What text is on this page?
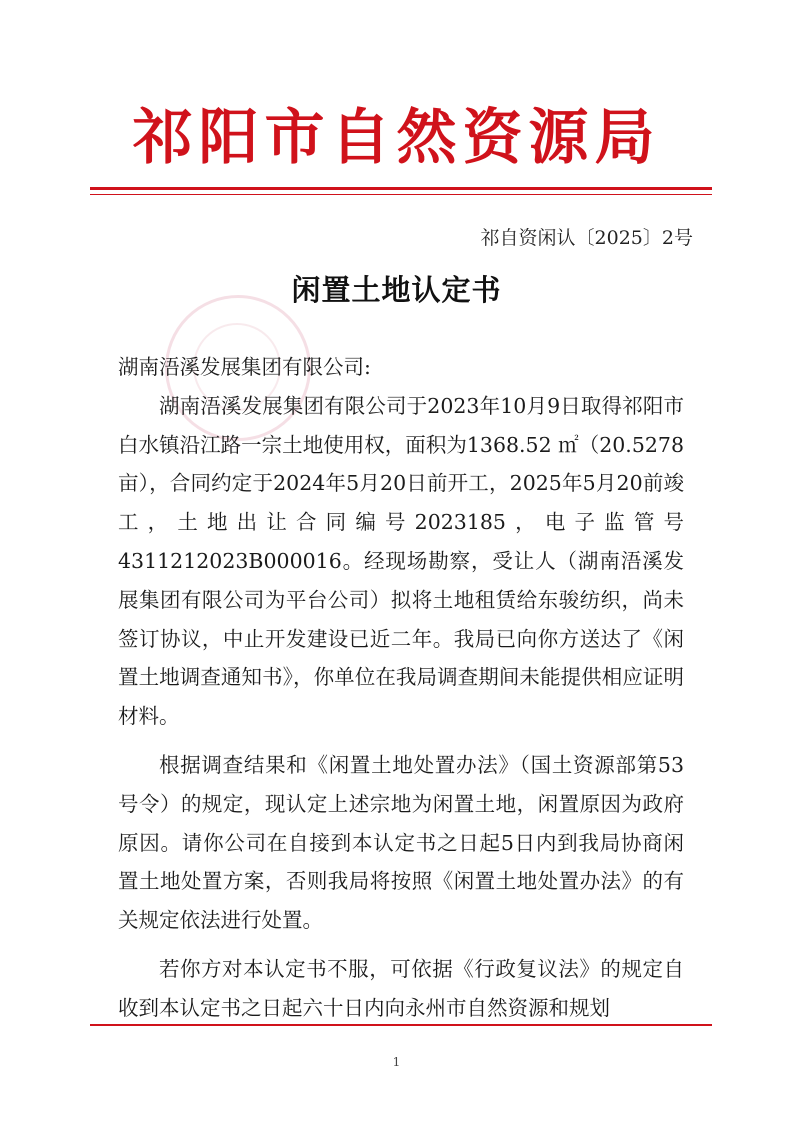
祁阳市自然资源局
祁自资闲认〔2025〕2号
闲置土地认定书

湖南浯溪发展集团有限公司:

湖南浯溪发展集团有限公司于2023年10月9日取得祁阳市白水镇沿江路一宗土地使用权，面积为1368.52 ㎡（20.5278亩），合同约定于2024年5月20日前开工，2025年5月20前竣工，土地出让合同编号2023185，电子监管号4311212023B000016。经现场勘察，受让人（湖南浯溪发展集团有限公司为平台公司）拟将土地租赁给东骏纺织，尚未签订协议，中止开发建设已近二年。我局已向你方送达了《闲置土地调查通知书》，你单位在我局调查期间未能提供相应证明材料。

根据调查结果和《闲置土地处置办法》（国土资源部第53号令）的规定，现认定上述宗地为闲置土地，闲置原因为政府原因。请你公司在自接到本认定书之日起5日内到我局协商闲置土地处置方案，否则我局将按照《闲置土地处置办法》的有关规定依法进行处置。

若你方对本认定书不服，可依据《行政复议法》的规定自收到本认定书之日起六十日内向永州市自然资源和规划

1
